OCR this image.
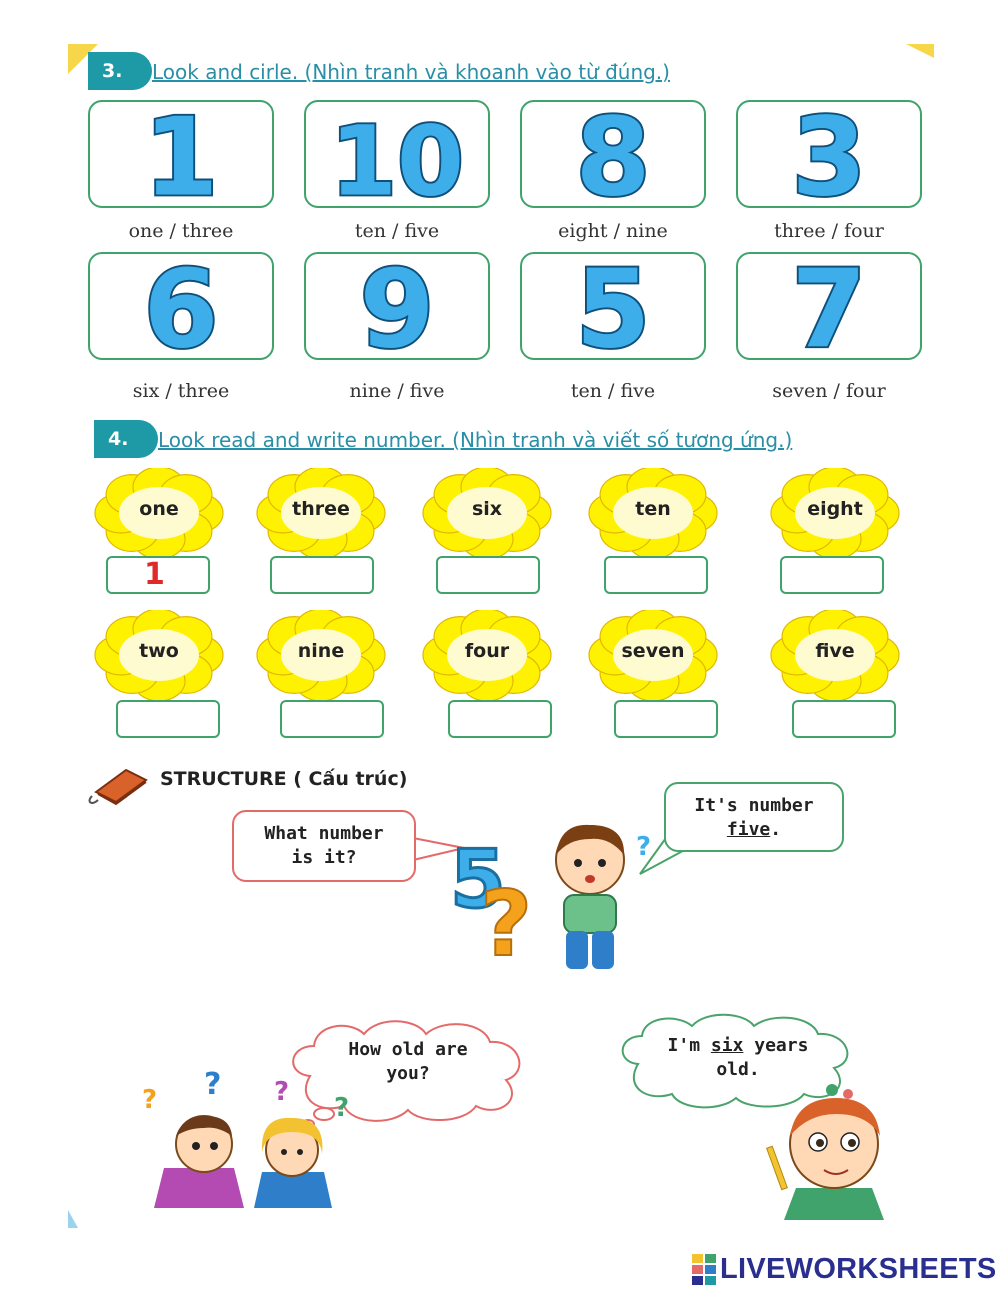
3.	Look and cirle. (Nhìn tranh và khoanh vào từ đúng.)
1
one / three
10
ten / five
8
eight / nine
3
three / four
6
six / three
9
nine / five
5
ten / five
7
seven / four
4.	Look read and write number. (Nhìn tranh và viết số tương ứng.)
one
1
three	six	ten	eight
two	nine	four	seven	five
STRUCTURE ( Cấu trúc)
What number
is it?
It's number
five.
5
?
?
How old are
you?
I'm six years
old.
? ? ?
?
LIVEWORKSHEETS
